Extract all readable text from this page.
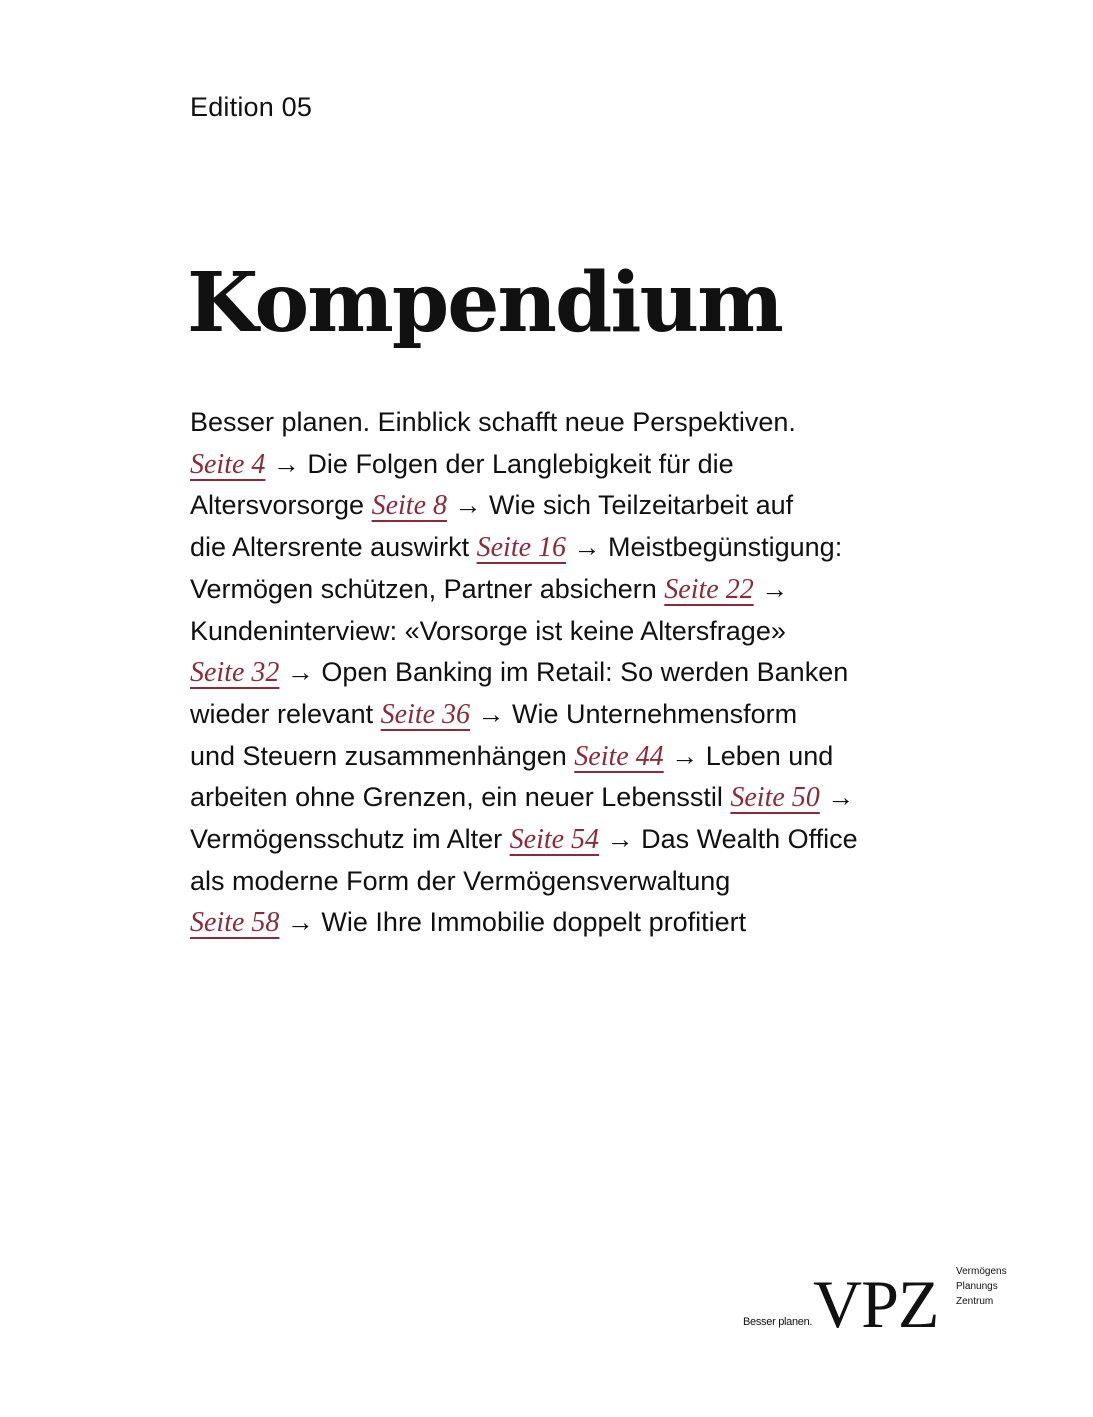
Edition 05
Kompendium
Besser planen. Einblick schafft neue Perspektiven.
Seite 4 → Die Folgen der Langlebigkeit für die
Altersvorsorge Seite 8 → Wie sich Teilzeitarbeit auf
die Altersrente auswirkt Seite 16 → Meistbegünstigung:
Vermögen schützen, Partner absichern Seite 22 →
Kundeninterview: «Vorsorge ist keine Altersfrage»
Seite 32 → Open Banking im Retail: So werden Banken
wieder relevant Seite 36 → Wie Unternehmensform
und Steuern zusammenhängen Seite 44 → Leben und
arbeiten ohne Grenzen, ein neuer Lebensstil Seite 50 →
Vermögensschutz im Alter Seite 54 → Das Wealth Office
als moderne Form der Vermögensverwaltung
Seite 58 → Wie Ihre Immobilie doppelt profitiert
Besser planen. VPZ Vermögens
Planungs
Zentrum
